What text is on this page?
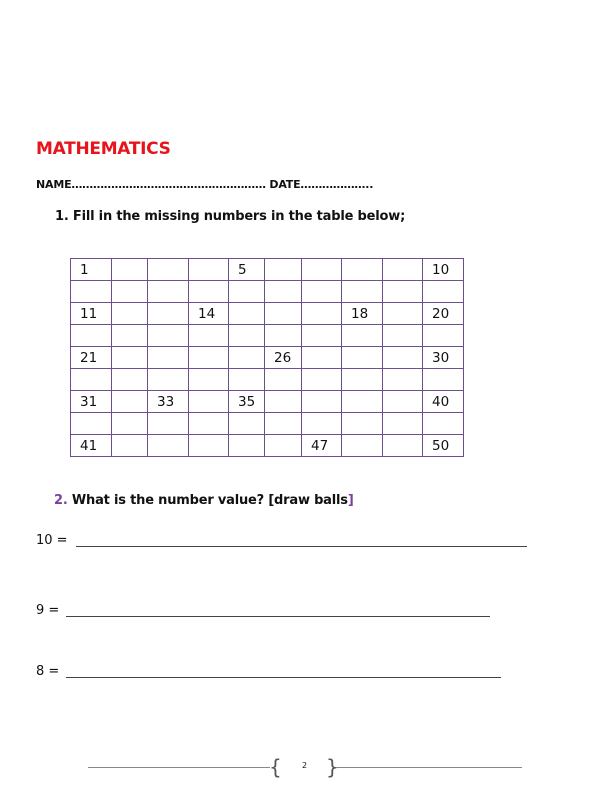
MATHEMATICS
NAME……………………………………………… DATE………………..
1. Fill in the missing numbers in the table below;
1				5					10

11			14				18		20

21					26				30

31		33		35					40

41						47			50
2. What is the number value? [draw balls]
10 =
9 =
8 =
{	2 }
